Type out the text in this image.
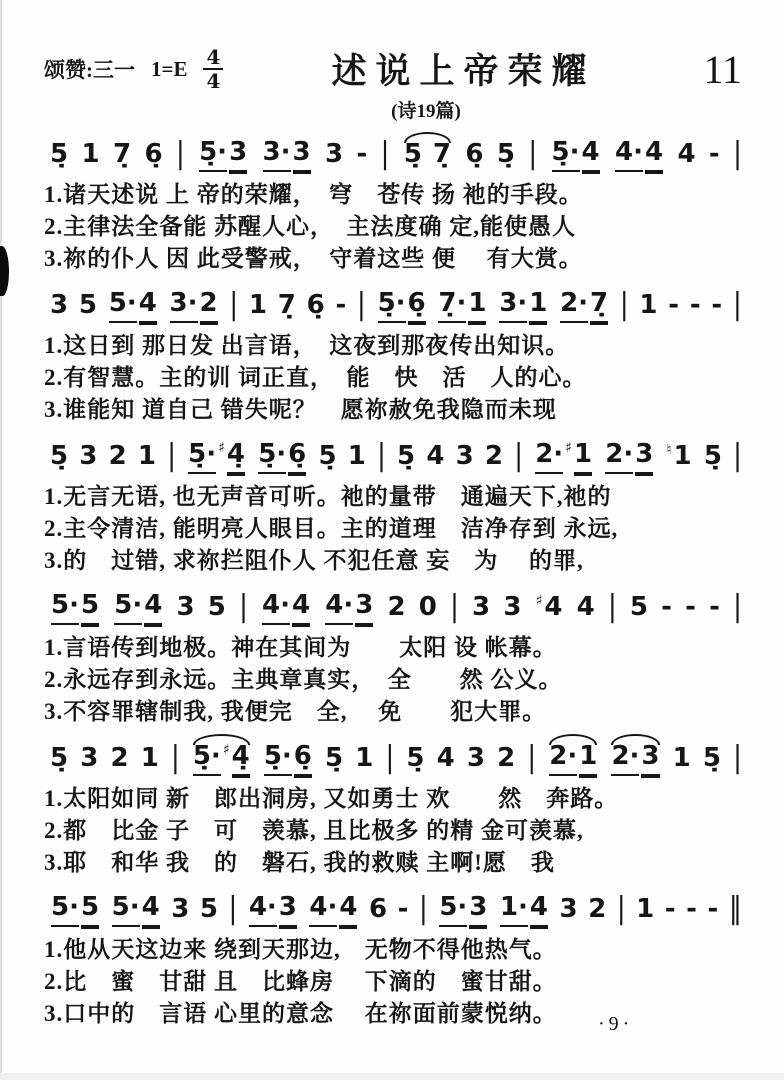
颂赞:三一 $1=E \frac{4}{4}$	述说上帝荣耀	11
(诗19篇)
5̣ 1 7̣ 6̣ | 5̣· 3 3· 3 3 - | 5̣ 7̣ 6̣ 5̣ | 5̣· 4 4· 4 4 - |
1.诸天述说 上 帝的荣耀，　穹　苍传 扬 祂的手段。
2.主律法全备能 苏醒人心，　主法度确 定,能使愚人
3.祢的仆人 因 此受警戒，　守着这些 便　 有大赏。
3 5 5· 4 3· 2 | 1 7̣ 6̣ - | 5̣· 6̣ 7̣· 1 3· 1 2· 7̣ | 1 - - - |
1.这日到 那日发 出言语，　这夜到那夜传出知识。
2.有智慧。主的训 词正直，　能　快　活　人的心。
3.谁能知 道自己 错失呢？　愿祢赦免我隐而未现
5̣ 3 2 1 | 5̣· ♯ 4̣ 5̣· 6̣ 5̣ 1 | 5̣ 4 3 2 | 2· ♯ 1 2· 3 ♮ 1 5̣ |
1.无言无语, 也无声音可听。祂的量带　通遍天下,祂的
2.主令清洁, 能明亮人眼目。主的道理　洁净存到 永远,
3.的　过错, 求祢拦阻仆人 不犯任意 妄　为　 的罪,
5· 5 5· 4 3 5 | 4· 4 4· 3 2 0 | 3 3 ♯ 4 4 | 5 - - - |
1.言语传到地极。神在其间为　　太阳 设 帐幕。
2.永远存到永远。主典章真实，　全　　然 公义。
3.不容罪辖制我, 我便完　全,　 免　　犯大罪。
5̣ 3 2 1 | 5̣· ♯ 4̣ 5̣· 6̣ 5̣ 1 | 5̣ 4 3 2 | 2· 1 2· 3 1 5̣ |
1.太阳如同 新　郎出洞房, 又如勇士 欢　　然　奔路。
2.都　比金 子　可　羡慕, 且比极多 的精 金可羡慕,
3.耶　和华 我　的　磐石, 我的救赎 主啊!愿　我
5· 5 5· 4 3 5 | 4· 3 4· 4 6 - | 5· 3 1· 4 3 2 | 1 - - - ‖
1.他从天这边来 绕到天那边,　无物不得他热气。
2.比　蜜　甘甜 且　比蜂房　 下滴的　蜜甘甜。
3.口中的　言语 心里的意念　 在祢面前蒙悦纳。	·9·
